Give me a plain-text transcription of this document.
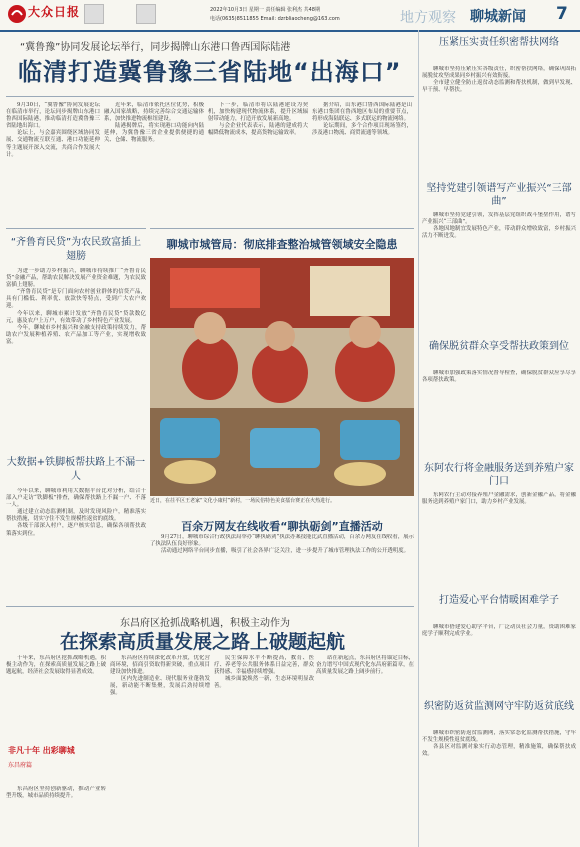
大众日报	2022年10月3日 星期一 责任编辑 张利杰 共48期
电话(0635)8511855 Email: dzrbliaocheng@163.com	地方观察 聊城新闻 7
“冀鲁豫”协同发展论坛举行，同步揭牌山东港口鲁西国际陆港
临清打造冀鲁豫三省陆地“出海口”

9月30日，“冀鲁豫”协同发展论坛在临清市举行，论坛同步揭牌山东港口鲁西国际陆港，推动临清打造冀鲁豫三省陆地出海口。

论坛上，与会嘉宾围绕区域协同发展、交通物流互联互通、港口功能延伸等主题展开深入交流，共商合作发展大计。

近年来，临清市依托区位优势，积极融入国家战略，持续完善综合交通运输体系，加快推进物流枢纽建设。

陆港揭牌后，将实现港口功能向内陆延伸，为冀鲁豫三省企业提供便捷的通关、仓储、物流服务。

下一步，临清市将以陆港建设为契机，加快构建现代物流体系，提升区域辐射带动能力，打造开放发展新高地。

与会企业代表表示，陆港的建成将大幅降低物流成本，提高货物运输效率。

据介绍，山东港口鲁西国际陆港是山东港口集团在鲁西地区布局的重要节点，将形成海陆联运、多式联运的物流网络。

论坛期间，多个合作项目现场签约，涉及港口物流、商贸流通等领域。

“齐鲁育民贷”为农民致富插上翅膀

为进一步助力乡村振兴，聊城市持续推广“齐鲁育民贷”金融产品，帮助农民解决发展产业资金难题，为农民致富插上翅膀。

“齐鲁育民贷”是专门面向农村创业群体的信贷产品，具有门槛低、利率优、放款快等特点，受到广大农户欢迎。

今年以来，聊城市累计发放“齐鲁育民贷”贷款数亿元，惠及农户上万户，有效带动了乡村特色产业发展。

今年，聊城市乡村振兴和金融支持政策持续发力，帮助农户发展种植养殖、农产品加工等产业，实现增收致富。

大数据+铁脚板帮扶路上不漏一人

今年以来，聊城市利用大数据平台比对分析，结合干部入户走访“铁脚板”排查，确保帮扶路上不漏一户、不落一人。

通过建立动态监测机制，及时发现风险户，精准落实帮扶措施，切实守住不发生规模性返贫的底线。

各级干部深入村户，逐户核实信息，确保各项帮扶政策落实到位。

聊城市城管局：彻底排查整治城管领域安全隐患
近日，在茌平区王老家“文化小康村”新村，一场民俗特色美食擂台赛正在火热进行。
百余万网友在线收看“聊执砺剑”直播活动

9月27日，聊城市综合行政执法局举办“聊执砺剑”执法办案技能比武直播活动，百余万网友在线收看，展示了执法队伍良好形象。

活动通过网络平台同步直播，吸引了社会各界广泛关注，进一步提升了城市管理执法工作的公开透明度。

东昌府区抢抓战略机遇，积极主动作为
在探索高质量发展之路上破题起航
非凡十年 出彩聊城
东昌府篇

十年来，东昌府区抢抓战略机遇，积极主动作为，在探索高质量发展之路上破题起航，经济社会发展取得显著成效。

东昌府区坚持创新驱动，推动产业转型升级，城市品质持续提升。

东昌府区持续深化改革开放，优化营商环境，招商引资取得新突破，重点项目建设加快推进。

区内先进制造业、现代服务业蓬勃发展，新动能不断集聚，发展后劲持续增强。

民生保障水平不断提高，教育、医疗、养老等公共服务体系日益完善，群众获得感、幸福感持续增强。

城乡面貌焕然一新，生态环境明显改善。

站在新起点，东昌府区将锚定目标，奋力谱写中国式现代化东昌府新篇章，在高质量发展之路上阔步前行。

压紧压实责任织密帮扶网络

聊城市坚持压紧压实各级责任，织密帮扶网络，确保巩固拓展脱贫攻坚成果同乡村振兴有效衔接。

全市建立健全防止返贫动态监测和帮扶机制，做到早发现、早干预、早帮扶。

坚持党建引领谱写产业振兴“三部曲”

聊城市坚持党建引领，发挥基层党组织战斗堡垒作用，谱写产业振兴“三部曲”。

各地因地制宜发展特色产业，带动群众增收致富，乡村振兴活力不断迸发。

确保脱贫群众享受帮扶政策到位

聊城市加强政策落实情况督导检查，确保脱贫群众应享尽享各项帮扶政策。

东阿农行将金融服务送到养殖户家门口

东阿农行主动对接养殖户金融需求，创新金融产品，将金融服务送到养殖户家门口，助力乡村产业发展。

打造爱心平台情暖困难学子

聊城市搭建爱心助学平台，广泛动员社会力量，资助困难家庭学子顺利完成学业。

织密防返贫监测网守牢防返贫底线

聊城市织密防返贫监测网，落实常态化监测帮扶措施，守牢不发生规模性返贫底线。

各县区对监测对象实行动态管理，精准施策，确保帮扶成效。
